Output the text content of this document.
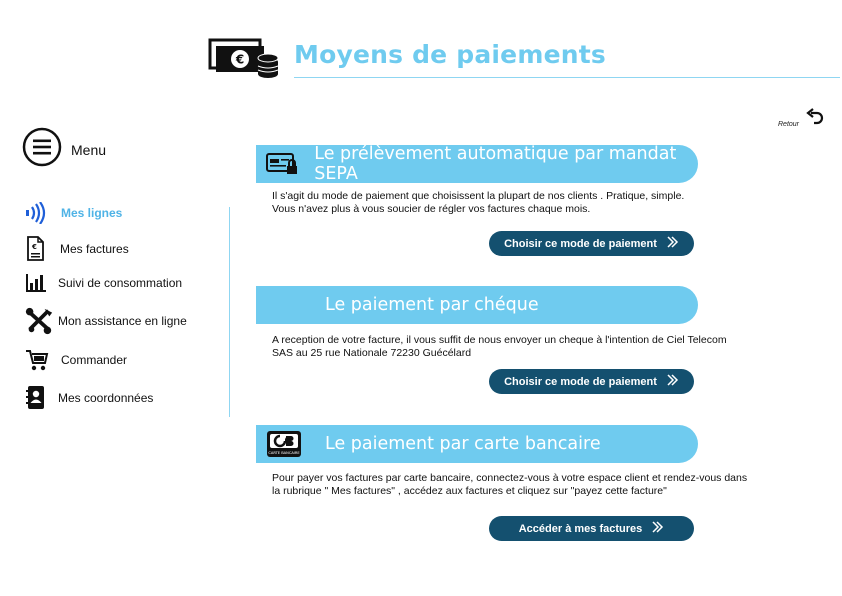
€ Moyens de paiements
Retour
Menu
Mes lignes
€ Mes factures
Suivi de consommation
Mon assistance en ligne
Commander
Mes coordonnées
Le prélèvement automatique par mandat SEPA
Il s'agit du mode de paiement que choisissent la plupart de nos clients . Pratique, simple.
Vous n'avez plus à vous soucier de régler vos factures chaque mois.
Choisir ce mode de paiement
Le paiement par chéque
A reception de votre facture, il vous suffit de nous envoyer un cheque à l'intention de Ciel Telecom
SAS au 25 rue Nationale 72230 Guécélard
Choisir ce mode de paiement
CARTE BANCAIRE Le paiement par carte bancaire
Pour payer vos factures par carte bancaire, connectez-vous à votre espace client et rendez-vous dans
la rubrique " Mes factures" , accédez aux factures et cliquez sur "payez cette facture"
Accéder à mes factures
